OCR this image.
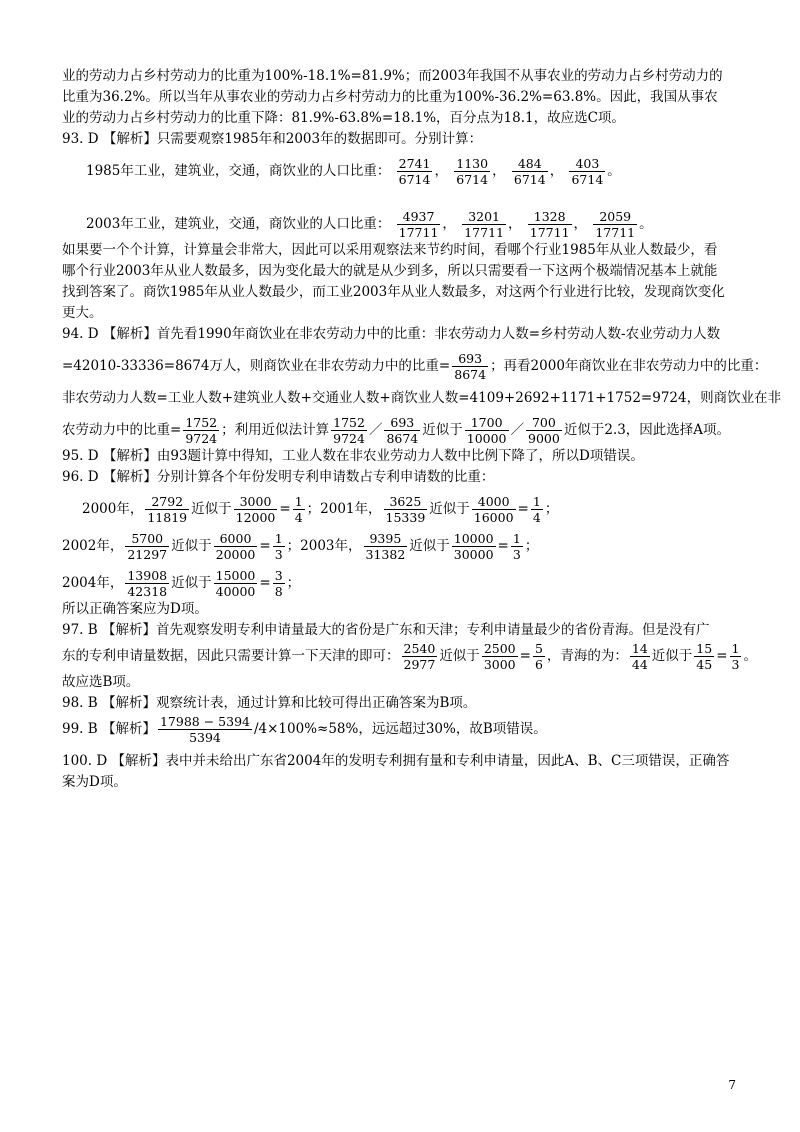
业的劳动力占乡村劳动力的比重为100%-18.1%=81.9%；而2003年我国不从事农业的劳动力占乡村劳动力的
比重为36.2%。所以当年从事农业的劳动力占乡村劳动力的比重为100%-36.2%=63.8%。因此，我国从事农
业的劳动力占乡村劳动力的比重下降：81.9%-63.8%=18.1%，百分点为18.1，故应选C项。
93. D 【解析】只需要观察1985年和2003年的数据即可。分别计算：
1985年工业，建筑业，交通，商饮业的人口比重： $\frac{2741}{6714}$ ， $\frac{1130}{6714}$ ， $\frac{484}{6714}$ ， $\frac{403}{6714}$ 。
2003年工业，建筑业，交通，商饮业的人口比重： $\frac{4937}{17711}$ ， $\frac{3201}{17711}$ ， $\frac{1328}{17711}$ ， $\frac{2059}{17711}$ 。
如果要一个个计算，计算量会非常大，因此可以采用观察法来节约时间，看哪个行业1985年从业人数最少，看
哪个行业2003年从业人数最多，因为变化最大的就是从少到多，所以只需要看一下这两个极端情况基本上就能
找到答案了。商饮1985年从业人数最少，而工业2003年从业人数最多，对这两个行业进行比较，发现商饮变化
更大。
94. D 【解析】首先看1990年商饮业在非农劳动力中的比重：非农劳动力人数=乡村劳动人数-农业劳动力人数
=42010-33336=8674万人，则商饮业在非农劳动力中的比重= $\frac{693}{8674}$ ；再看2000年商饮业在非农劳动力中的比重：
非农劳动力人数=工业人数+建筑业人数+交通业人数+商饮业人数=4109+2692+1171+1752=9724，则商饮业在非
农劳动力中的比重= $\frac{1752}{9724}$ ；利用近似法计算 $\frac{1752}{9724}$ ／ $\frac{693}{8674}$ 近似于 $\frac{1700}{10000}$ ／ $\frac{700}{9000}$ 近似于2.3，因此选择A项。
95. D 【解析】由93题计算中得知，工业人数在非农业劳动力人数中比例下降了，所以D项错误。
96. D 【解析】分别计算各个年份发明专利申请数占专利申请数的比重：
2000年， $\frac{2792}{11819}$ 近似于 $\frac{3000}{12000} = \frac{1}{4}$ ；2001年， $\frac{3625}{15339}$ 近似于 $\frac{4000}{16000} = \frac{1}{4}$ ；
2002年， $\frac{5700}{21297}$ 近似于 $\frac{6000}{20000} = \frac{1}{3}$ ；2003年， $\frac{9395}{31382}$ 近似于 $\frac{10000}{30000} = \frac{1}{3}$ ；
2004年， $\frac{13908}{42318}$ 近似于 $\frac{15000}{40000} = \frac{3}{8}$ ；
所以正确答案应为D项。
97. B 【解析】首先观察发明专利申请量最大的省份是广东和天津；专利申请量最少的省份青海。但是没有广
东的专利申请量数据，因此只需要计算一下天津的即可： $\frac{2540}{2977}$ 近似于 $\frac{2500}{3000} = \frac{5}{6}$ ，青海的为： $\frac{14}{44}$ 近似于 $\frac{15}{45} = \frac{1}{3}$ 。
故应选B项。
98. B 【解析】观察统计表，通过计算和比较可得出正确答案为B项。
99. B 【解析】 $\frac{17988 - 5394}{5394} /4\times 100\%\approx 58\%$，远远超过30%，故B项错误。
100. D 【解析】表中并未给出广东省2004年的发明专利拥有量和专利申请量，因此A、B、C三项错误，正确答
案为D项。
7
